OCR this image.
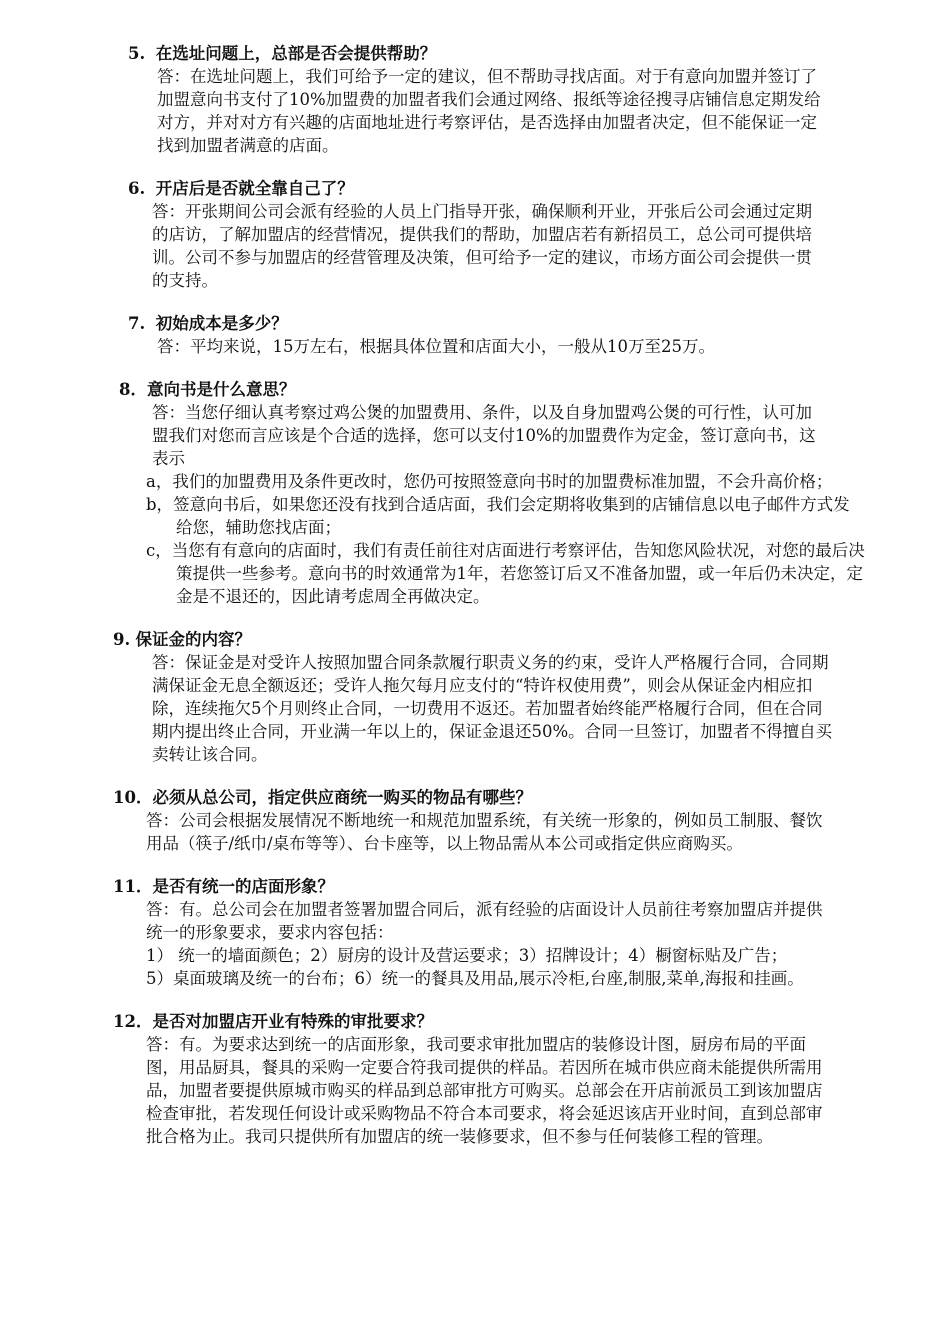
5. 在选址问题上，总部是否会提供帮助？
答：在选址问题上，我们可给予一定的建议，但不帮助寻找店面。对于有意向加盟并签订了加盟意向书支付了10%加盟费的加盟者我们会通过网络、报纸等途径搜寻店铺信息定期发给对方，并对对方有兴趣的店面地址进行考察评估，是否选择由加盟者决定，但不能保证一定找到加盟者满意的店面。
6. 开店后是否就全靠自己了？
答：开张期间公司会派有经验的人员上门指导开张，确保顺利开业，开张后公司会通过定期的店访，了解加盟店的经营情况，提供我们的帮助，加盟店若有新招员工，总公司可提供培训。公司不参与加盟店的经营管理及决策，但可给予一定的建议，市场方面公司会提供一贯的支持。
7. 初始成本是多少？
答：平均来说，15万左右，根据具体位置和店面大小，一般从10万至25万。
8．意向书是什么意思？
答：当您仔细认真考察过鸡公煲的加盟费用、条件，以及自身加盟鸡公煲的可行性，认可加盟我们对您而言应该是个合适的选择，您可以支付10%的加盟费作为定金，签订意向书，这表示
a，我们的加盟费用及条件更改时，您仍可按照签意向书时的加盟费标准加盟，不会升高价格；
b，签意向书后，如果您还没有找到合适店面，我们会定期将收集到的店铺信息以电子邮件方式发给您，辅助您找店面；
c，当您有有意向的店面时，我们有责任前往对店面进行考察评估，告知您风险状况，对您的最后决策提供一些参考。意向书的时效通常为1年，若您签订后又不准备加盟，或一年后仍未决定，定金是不退还的，因此请考虑周全再做决定。
9. 保证金的内容？
答：保证金是对受许人按照加盟合同条款履行职责义务的约束，受许人严格履行合同，合同期满保证金无息全额返还；受许人拖欠每月应支付的“特许权使用费”，则会从保证金内相应扣除，连续拖欠5个月则终止合同，一切费用不返还。若加盟者始终能严格履行合同，但在合同期内提出终止合同，开业满一年以上的，保证金退还50%。合同一旦签订，加盟者不得擅自买卖转让该合同。
10．必须从总公司，指定供应商统一购买的物品有哪些？
答：公司会根据发展情况不断地统一和规范加盟系统，有关统一形象的，例如员工制服、餐饮用品（筷子/纸巾/桌布等等）、台卡座等，以上物品需从本公司或指定供应商购买。
11．是否有统一的店面形象？
答：有。总公司会在加盟者签署加盟合同后，派有经验的店面设计人员前往考察加盟店并提供统一的形象要求，要求内容包括：
1） 统一的墙面颜色；2）厨房的设计及营运要求；3）招牌设计；4）橱窗标贴及广告；
5）桌面玻璃及统一的台布；6）统一的餐具及用品,展示冷柜,台座,制服,菜单,海报和挂画。
12．是否对加盟店开业有特殊的审批要求？
答：有。为要求达到统一的店面形象，我司要求审批加盟店的装修设计图，厨房布局的平面图，用品厨具，餐具的采购一定要合符我司提供的样品。若因所在城市供应商未能提供所需用品，加盟者要提供原城市购买的样品到总部审批方可购买。总部会在开店前派员工到该加盟店检查审批，若发现任何设计或采购物品不符合本司要求，将会延迟该店开业时间，直到总部审批合格为止。我司只提供所有加盟店的统一装修要求，但不参与任何装修工程的管理。
